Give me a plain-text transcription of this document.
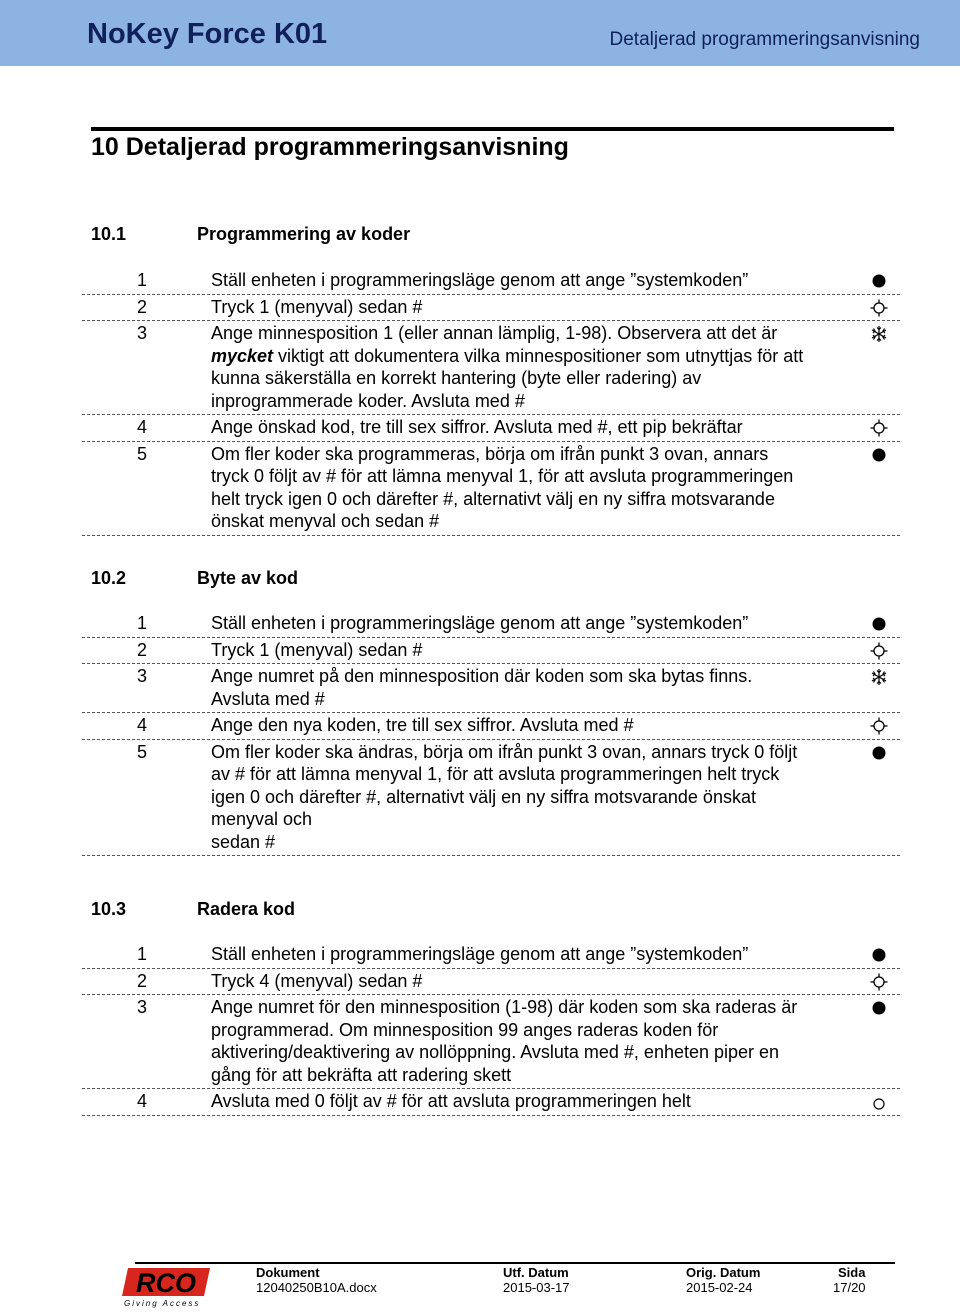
NoKey Force K01	Detaljerad programmeringsanvisning
10 Detaljerad programmeringsanvisning
10.1	Programmering av koder
1	Ställ enheten i programmeringsläge genom att ange ”systemkoden”
2	Tryck 1 (menyval) sedan #
3	Ange minnesposition 1 (eller annan lämplig, 1-98). Observera att det är mycket viktigt att dokumentera vilka minnespositioner som utnyttjas för att kunna säkerställa en korrekt hantering (byte eller radering) av inprogrammerade koder. Avsluta med #
4	Ange önskad kod, tre till sex siffror. Avsluta med #, ett pip bekräftar
5	Om fler koder ska programmeras, börja om ifrån punkt 3 ovan, annars tryck 0 följt av # för att lämna menyval 1, för att avsluta programmeringen helt tryck igen 0 och därefter #, alternativt välj en ny siffra motsvarande önskat menyval och sedan #
10.2	Byte av kod
1	Ställ enheten i programmeringsläge genom att ange ”systemkoden”
2	Tryck 1 (menyval) sedan #
3	Ange numret på den minnesposition där koden som ska bytas finns. Avsluta med #
4	Ange den nya koden, tre till sex siffror. Avsluta med #
5	Om fler koder ska ändras, börja om ifrån punkt 3 ovan, annars tryck 0 följt av # för att lämna menyval 1, för att avsluta programmeringen helt tryck igen 0 och därefter #, alternativt välj en ny siffra motsvarande önskat menyval och
sedan #
10.3	Radera kod
1	Ställ enheten i programmeringsläge genom att ange ”systemkoden”
2	Tryck 4 (menyval) sedan #
3	Ange numret för den minnesposition (1-98) där koden som ska raderas är programmerad. Om minnesposition 99 anges raderas koden för aktivering/deaktivering av nollöppning. Avsluta med #, enheten piper en gång för att bekräfta att radering skett
4	Avsluta med 0 följt av # för att avsluta programmeringen helt
RCO
Giving Access
Dokument
12040250B10A.docx
Utf. Datum
2015-03-17
Orig. Datum
2015-02-24
Sida
17/20
